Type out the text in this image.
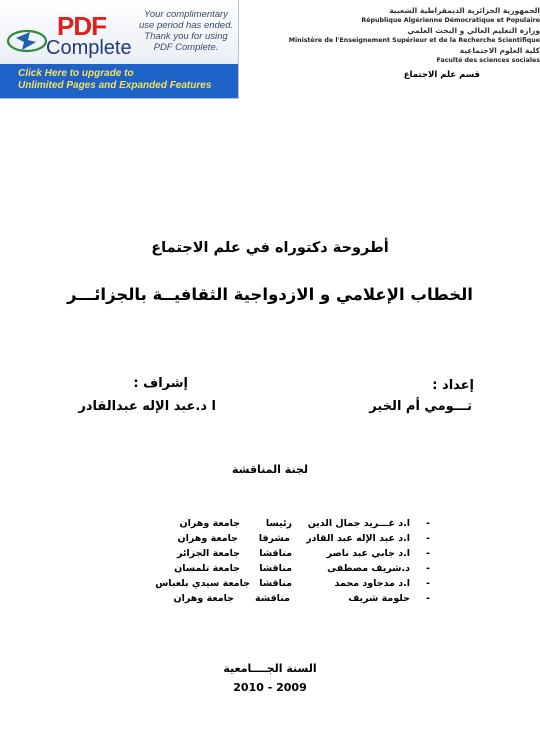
PDF
Complete
Your complimentary
use period has ended.
Thank you for using
PDF Complete.
Click Here to upgrade to
Unlimited Pages and Expanded Features
الجمهورية الجزائرية الديمقراطية الشعبية
République Algérienne Démocratique et Populaire
وزارة التعليم العالي و البحث العلمي
Ministère de l'Enseignement Supérieur et de la Recherche Scientifique
كلية العلوم الاجتماعية
Faculté des sciences sociales
قسم علم الاجتماع
أطروحة دكتوراه في علم الاجتماع
الخطاب الإعلامي و الازدواجية الثقافيــة بالجزائـــر
إعداد :
تـــومي أم الخير
إشراف :
ا د.عبد الإله عبدالقادر
لجنة المناقشة
-
ا.د غـــريد جمال الدين
رئيسا
جامعة وهران
-
ا.د عبد الإله عبد القادر
مشرفا
جامعة وهران
-
ا.د جابي عبد ناصر
مناقشا
جامعة الجزائر
-
د.شريف مصطفى
مناقشا
جامعة تلمسان
-
ا.د مدجاود محمد
مناقشا
جامعة سيدي بلعباس
-
حلومة شريف
مناقشة
جامعة وهران
السنة الجــــامعية
2010 - 2009
